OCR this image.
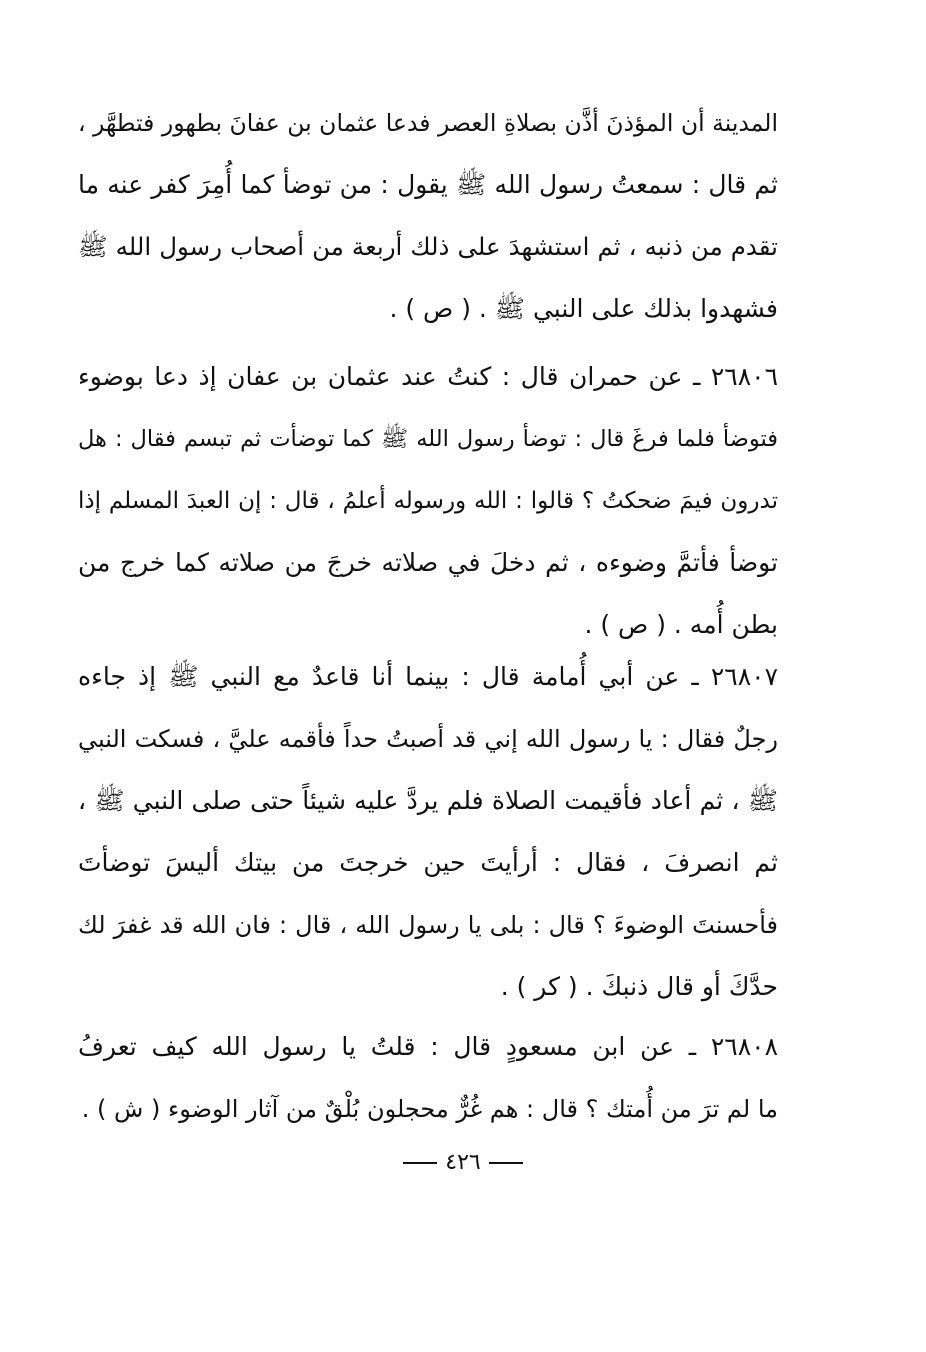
المدينة أن المؤذنَ أذَّن بصلاةِ العصر فدعا عثمان بن عفانَ بطهور فتطهَّر ،
ثم قال : سمعتُ رسول الله ﷺ يقول : من توضأ كما أُمِرَ كفر عنه ما
تقدم من ذنبه ، ثم استشهدَ على ذلك أربعة من أصحاب رسول الله ﷺ
فشهدوا بذلك على النبي ﷺ . ( ص ) .
٢٦٨٠٦ ـ عن حمران قال : كنتُ عند عثمان بن عفان إذ دعا بوضوء
فتوضأ فلما فرغَ قال : توضأ رسول الله ﷺ كما توضأت ثم تبسم فقال : هل
تدرون فيمَ ضحكتُ ؟ قالوا : الله ورسوله أعلمُ ، قال : إن العبدَ المسلم إذا
توضأ فأتمَّ وضوءه ، ثم دخلَ في صلاته خرجَ من صلاته كما خرج من
بطن أُمه . ( ص ) .
٢٦٨٠٧ ـ عن أبي أُمامة قال : بينما أنا قاعدٌ مع النبي ﷺ إذ جاءه
رجلٌ فقال : يا رسول الله إني قد أصبتُ حداً فأقمه عليَّ ، فسكت النبي
ﷺ ، ثم أعاد فأقيمت الصلاة فلم يردَّ عليه شيئاً حتى صلى النبي ﷺ ،
ثم انصرفَ ، فقال : أرأيتَ حين خرجتَ من بيتك أليسَ توضأتَ
فأحسنتَ الوضوءَ ؟ قال : بلى يا رسول الله ، قال : فان الله قد غفرَ لك
حدَّكَ أو قال ذنبكَ . ( كر ) .
٢٦٨٠٨ ـ عن ابن مسعودٍ قال : قلتُ يا رسول الله كيف تعرفُ
ما لم ترَ من أُمتك ؟ قال : هم غُرٌّ محجلون بُلْقٌ من آثار الوضوء ( ش ) .
٤٢٦
